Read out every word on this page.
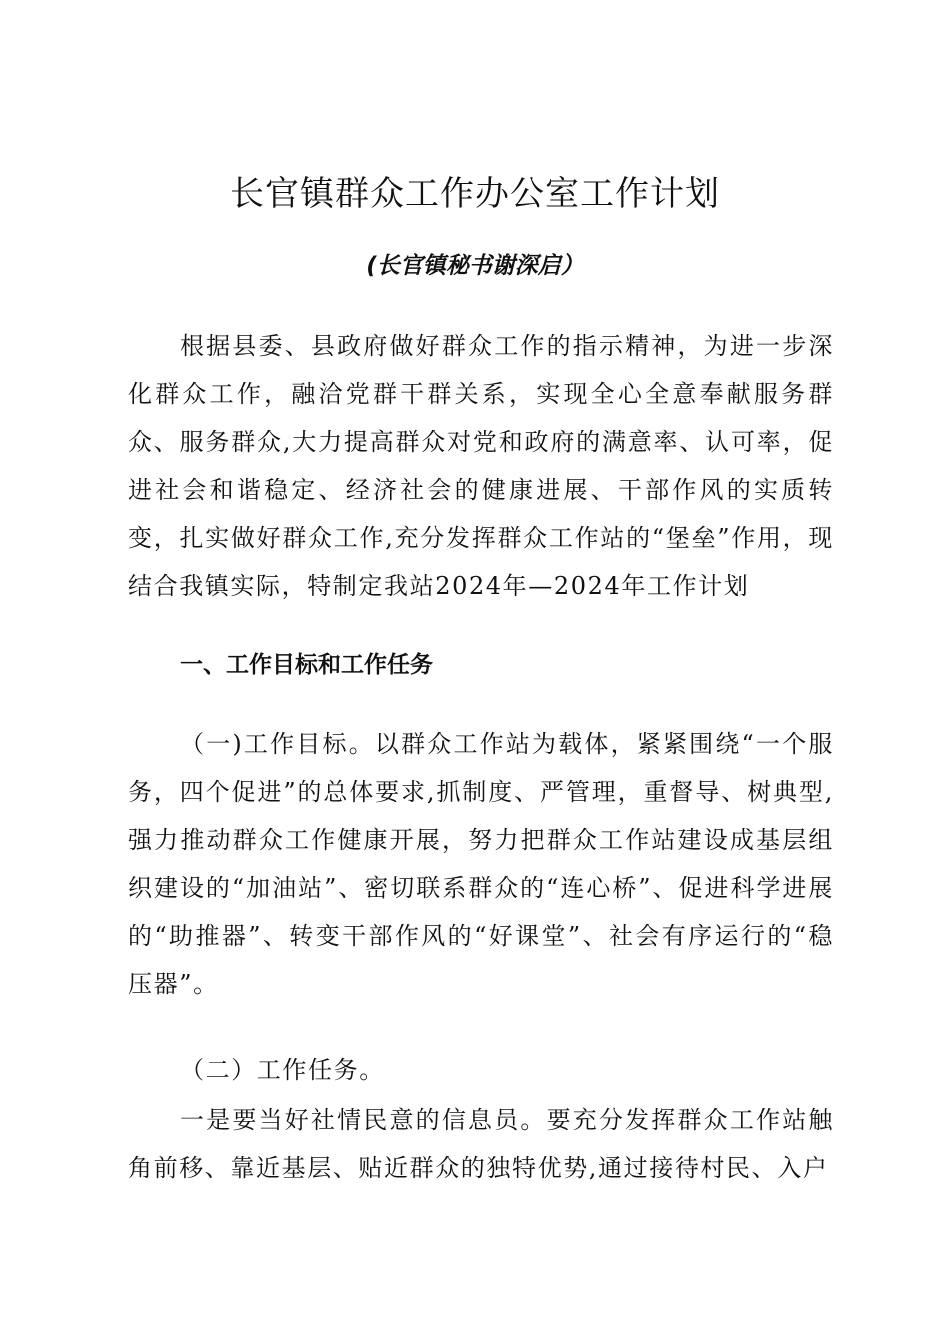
长官镇群众工作办公室工作计划
(长官镇秘书谢深启）

根据县委、县政府做好群众工作的指示精神，为进一步深化群众工作，融洽党群干群关系，实现全心全意奉献服务群众、服务群众,大力提高群众对党和政府的满意率、认可率，促进社会和谐稳定、经济社会的健康进展、干部作风的实质转变，扎实做好群众工作,充分发挥群众工作站的“堡垒”作用，现结合我镇实际，特制定我站2024年—2024年工作计划

一、工作目标和工作任务

（一)工作目标。以群众工作站为载体，紧紧围绕“一个服务，四个促进”的总体要求,抓制度、严管理，重督导、树典型,强力推动群众工作健康开展，努力把群众工作站建设成基层组织建设的“加油站”、密切联系群众的“连心桥”、促进科学进展的“助推器”、转变干部作风的“好课堂”、社会有序运行的“稳压器”。

（二）工作任务。

一是要当好社情民意的信息员。要充分发挥群众工作站触角前移、靠近基层、贴近群众的独特优势,通过接待村民、入户
